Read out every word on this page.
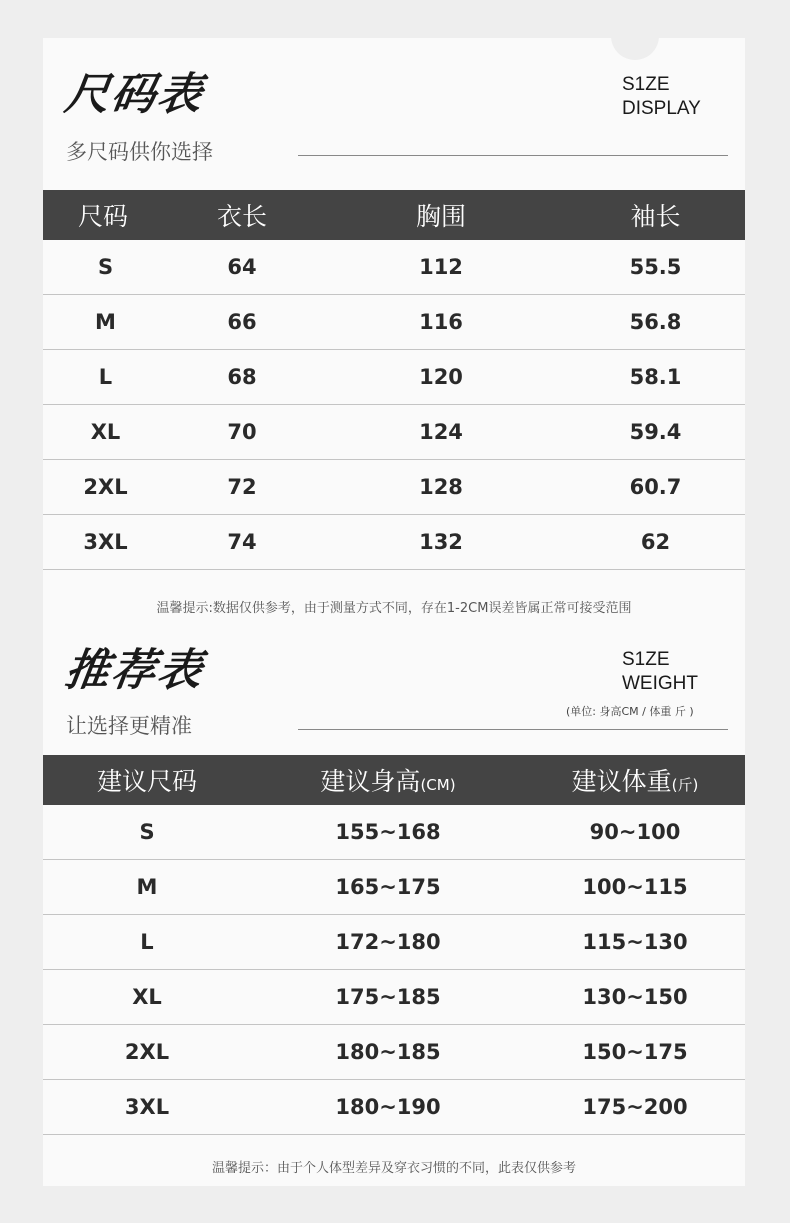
尺码表	S1ZE
DISPLAY
多尺码供你选择
尺码	衣长	胸围	袖长
S	64	112	55.5
M	66	116	56.8
L	68	120	58.1
XL	70	124	59.4
2XL	72	128	60.7
3XL	74	132	62
温馨提示:数据仅供参考，由于测量方式不同，存在1-2CM误差皆属正常可接受范围
推荐表	S1ZE
WEIGHT
(单位: 身高CM / 体重 斤 )
让选择更精准
建议尺码	建议身高(CM)	建议体重(斤)
S	155~168	90~100
M	165~175	100~115
L	172~180	115~130
XL	175~185	130~150
2XL	180~185	150~175
3XL	180~190	175~200
温馨提示：由于个人体型差异及穿衣习惯的不同，此表仅供参考
